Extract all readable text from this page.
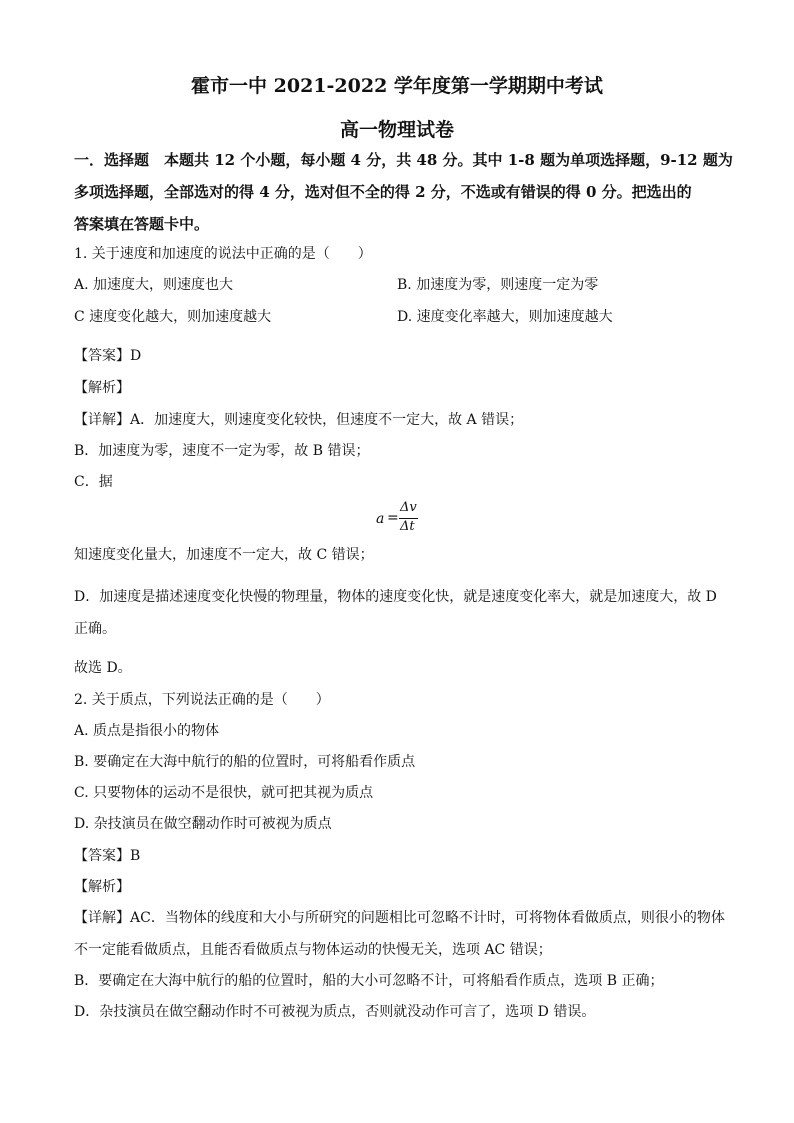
霍市一中 2021-2022 学年度第一学期期中考试
高一物理试卷
一．选择题　本题共 12 个小题，每小题 4 分，共 48 分。其中 1-8 题为单项选择题，9-12 题为
多项选择题，全部选对的得 4 分，选对但不全的得 2 分，不选或有错误的得 0 分。把选出的
答案填在答题卡中。
1. 关于速度和加速度的说法中正确的是（　　）
A. 加速度大，则速度也大	B. 加速度为零，则速度一定为零
C 速度变化越大，则加速度越大	D. 速度变化率越大，则加速度越大
【答案】D
【解析】
【详解】A．加速度大，则速度变化较快，但速度不一定大，故 A 错误；
B．加速度为零，速度不一定为零，故 B 错误；
C．据
a =
Δv
Δt
知速度变化量大，加速度不一定大，故 C 错误；
D．加速度是描述速度变化快慢的物理量，物体的速度变化快，就是速度变化率大，就是加速度大，故 D
正确。
故选 D。
2. 关于质点，下列说法正确的是（　　）
A. 质点是指很小的物体
B. 要确定在大海中航行的船的位置时，可将船看作质点
C. 只要物体的运动不是很快，就可把其视为质点
D. 杂技演员在做空翻动作时可被视为质点
【答案】B
【解析】
【详解】AC．当物体的线度和大小与所研究的问题相比可忽略不计时，可将物体看做质点，则很小的物体
不一定能看做质点，且能否看做质点与物体运动的快慢无关，选项 AC 错误；
B．要确定在大海中航行的船的位置时，船的大小可忽略不计，可将船看作质点，选项 B 正确；
D．杂技演员在做空翻动作时不可被视为质点，否则就没动作可言了，选项 D 错误。
